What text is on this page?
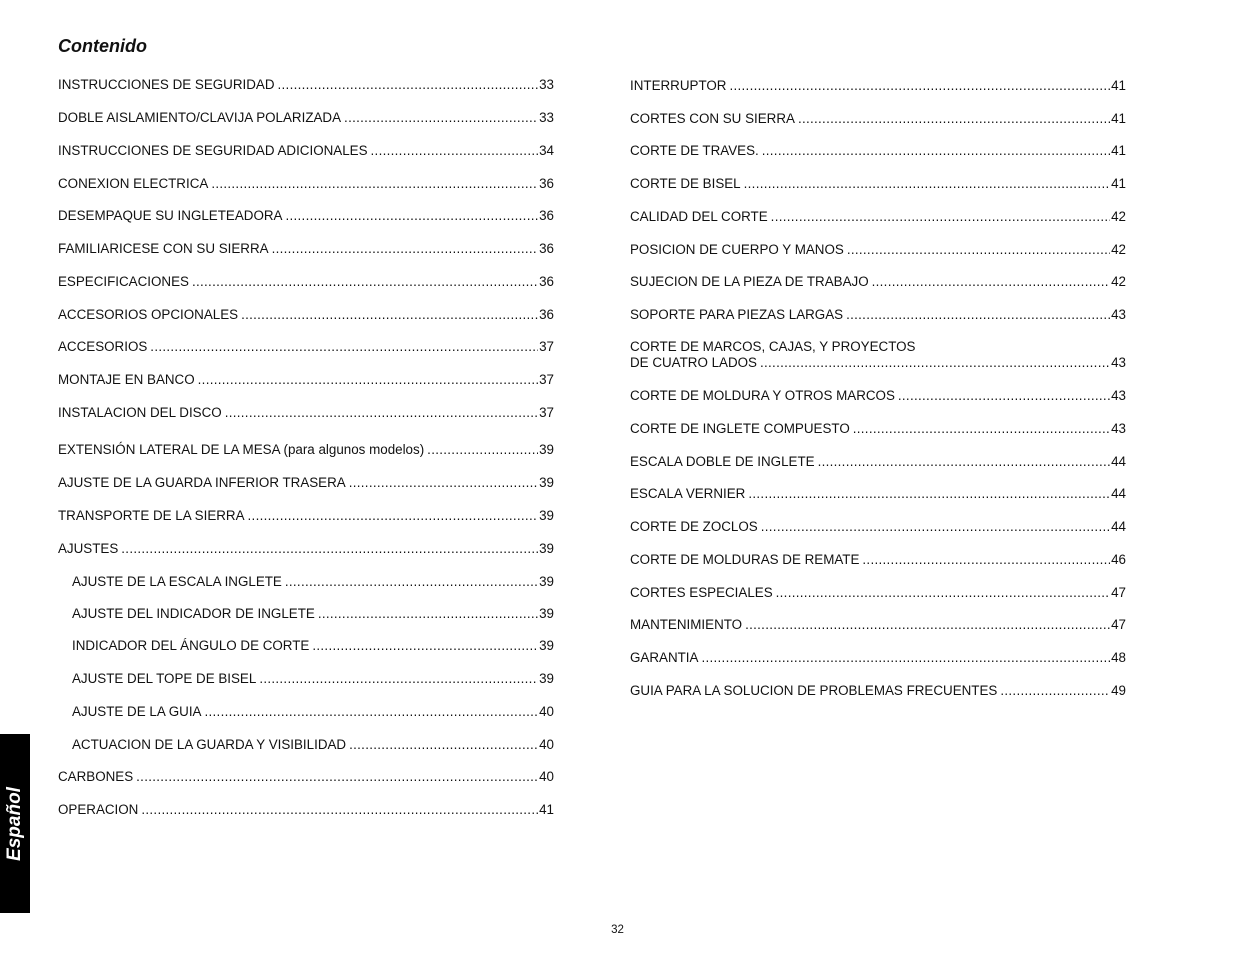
Contenido
INSTRUCCIONES DE SEGURIDAD .....	33
DOBLE AISLAMIENTO/CLAVIJA POLARIZADA .....	33
INSTRUCCIONES DE SEGURIDAD ADICIONALES .....	34
CONEXION ELECTRICA .....	36
DESEMPAQUE SU INGLETEADORA .....	36
FAMILIARICESE CON SU SIERRA .....	36
ESPECIFICACIONES .....	36
ACCESORIOS OPCIONALES .....	36
ACCESORIOS .....	37
MONTAJE EN BANCO .....	37
INSTALACION DEL DISCO .....	37
EXTENSIÓN LATERAL DE LA MESA (para algunos modelos) .....	39
AJUSTE DE LA GUARDA INFERIOR TRASERA .....	39
TRANSPORTE DE LA SIERRA .....	39
AJUSTES .....	39
AJUSTE DE LA ESCALA INGLETE .....	39
AJUSTE DEL INDICADOR DE INGLETE .....	39
INDICADOR DEL ÁNGULO DE CORTE .....	39
AJUSTE DEL TOPE DE BISEL .....	39
AJUSTE DE LA GUIA .....	40
ACTUACION DE LA GUARDA Y VISIBILIDAD .....	40
CARBONES .....	40
OPERACION .....	41
INTERRUPTOR .....	41
CORTES CON SU SIERRA .....	41
CORTE DE TRAVES. .....	41
CORTE DE BISEL .....	41
CALIDAD DEL CORTE .....	42
POSICION DE CUERPO Y MANOS .....	42
SUJECION DE LA PIEZA DE TRABAJO .....	42
SOPORTE PARA PIEZAS LARGAS .....	43
CORTE DE MARCOS, CAJAS, Y PROYECTOS
DE CUATRO LADOS .....	43
CORTE DE MOLDURA Y OTROS MARCOS .....	43
CORTE DE INGLETE COMPUESTO .....	43
ESCALA DOBLE DE INGLETE .....	44
ESCALA VERNIER .....	44
CORTE DE ZOCLOS .....	44
CORTE DE MOLDURAS DE REMATE .....	46
CORTES ESPECIALES .....	47
MANTENIMIENTO .....	47
GARANTIA .....	48
GUIA PARA LA SOLUCION DE PROBLEMAS FRECUENTES .....	49
Español
32
